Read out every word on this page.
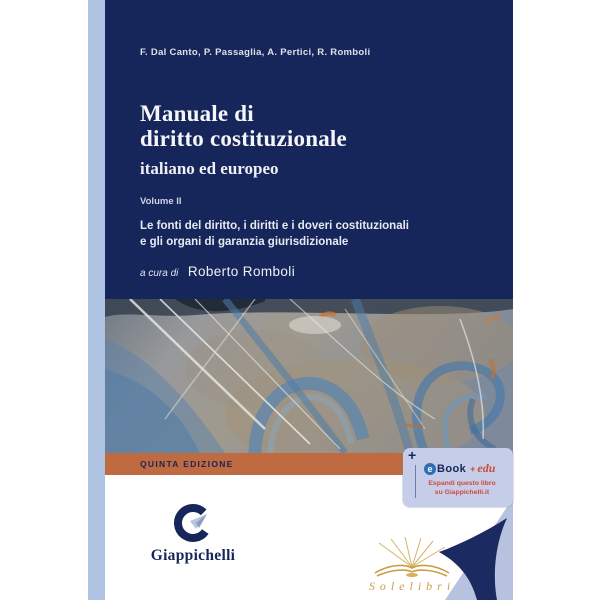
F. Dal Canto, P. Passaglia, A. Pertici, R. Romboli
Manuale di
diritto costituzionale
italiano ed europeo
Volume II
Le fonti del diritto, i diritti e i doveri costituzionali
e gli organi di garanzia giurisdizionale
a cura di Roberto Romboli
QUINTA EDIZIONE
Giappichelli
Solelibri
+
e Book + edu
Espandi questo libro
su Giappichelli.it
